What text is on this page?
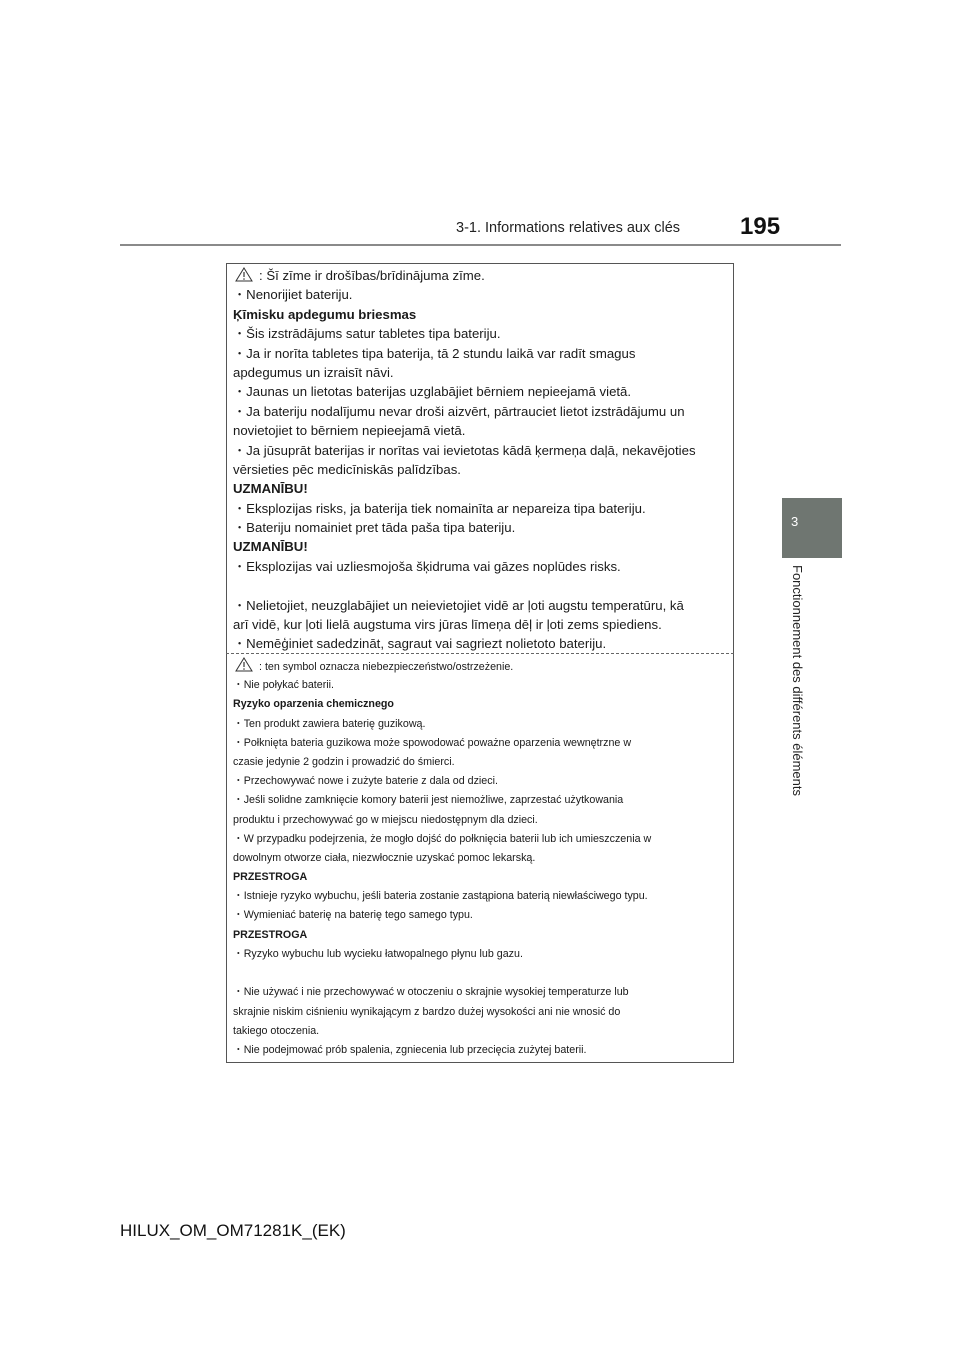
3-1. Informations relatives aux clés 195
3
Fonctionnement des différents éléments
: Šī zīme ir drošības/brīdinājuma zīme.
・Nenorijiet bateriju.
Ķīmisku apdegumu briesmas
・Šis izstrādājums satur tabletes tipa bateriju.
・Ja ir norīta tabletes tipa baterija, tā 2 stundu laikā var radīt smagus
apdegumus un izraisīt nāvi.
・Jaunas un lietotas baterijas uzglabājiet bērniem nepieejamā vietā.
・Ja bateriju nodalījumu nevar droši aizvērt, pārtrauciet lietot izstrādājumu un
novietojiet to bērniem nepieejamā vietā.
・Ja jūsuprāt baterijas ir norītas vai ievietotas kādā ķermeņa daļā, nekavējoties
vērsieties pēc medicīniskās palīdzības.
UZMANĪBU!
・Eksplozijas risks, ja baterija tiek nomainīta ar nepareiza tipa bateriju.
・Bateriju nomainiet pret tāda paša tipa bateriju.
UZMANĪBU!
・Eksplozijas vai uzliesmojoša šķidruma vai gāzes noplūdes risks.
・Nelietojiet, neuzglabājiet un neievietojiet vidē ar ļoti augstu temperatūru, kā
arī vidē, kur ļoti lielā augstuma virs jūras līmeņa dēļ ir ļoti zems spiediens.
・Nemēģiniet sadedzināt, sagraut vai sagriezt nolietoto bateriju.
: ten symbol oznacza niebezpieczeństwo/ostrzeżenie.
・Nie połykać baterii.
Ryzyko oparzenia chemicznego
・Ten produkt zawiera baterię guzikową.
・Połknięta bateria guzikowa może spowodować poważne oparzenia wewnętrzne w
czasie jedynie 2 godzin i prowadzić do śmierci.
・Przechowywać nowe i zużyte baterie z dala od dzieci.
・Jeśli solidne zamknięcie komory baterii jest niemożliwe, zaprzestać użytkowania
produktu i przechowywać go w miejscu niedostępnym dla dzieci.
・W przypadku podejrzenia, że mogło dojść do połknięcia baterii lub ich umieszczenia w
dowolnym otworze ciała, niezwłocznie uzyskać pomoc lekarską.
PRZESTROGA
・Istnieje ryzyko wybuchu, jeśli bateria zostanie zastąpiona baterią niewłaściwego typu.
・Wymieniać baterię na baterię tego samego typu.
PRZESTROGA
・Ryzyko wybuchu lub wycieku łatwopalnego płynu lub gazu.
・Nie używać i nie przechowywać w otoczeniu o skrajnie wysokiej temperaturze lub
skrajnie niskim ciśnieniu wynikającym z bardzo dużej wysokości ani nie wnosić do
takiego otoczenia.
・Nie podejmować prób spalenia, zgniecenia lub przecięcia zużytej baterii.
HILUX_OM_OM71281K_(EK)
